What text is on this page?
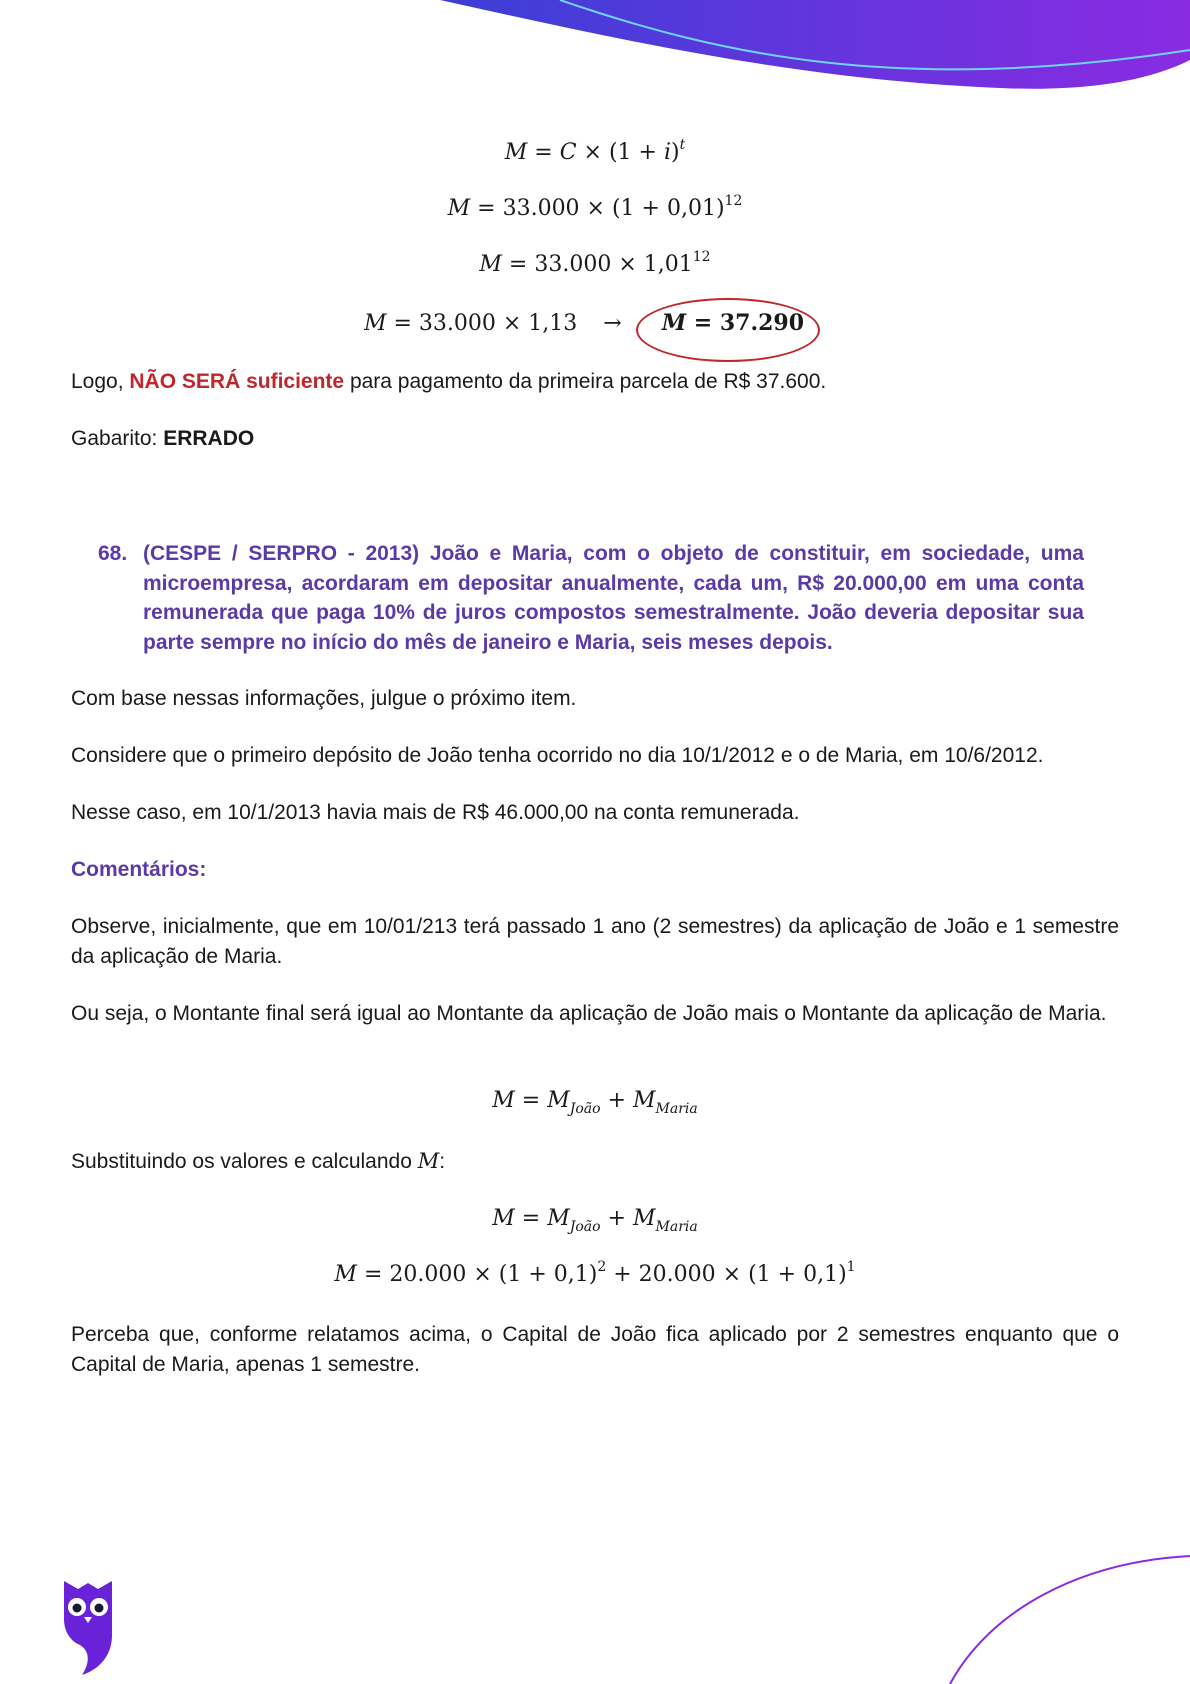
$M = C \times (1 + i)^t$
$M = 33.000 \times (1 + 0,01)^{12}$
$M = 33.000 \times 1,01^{12}$
M = 33.000 × 1,13 → M = 37.290
Logo, NÃO SERÁ suficiente para pagamento da primeira parcela de R$ 37.600.
Gabarito: ERRADO
68. (CESPE / SERPRO - 2013) João e Maria, com o objeto de constituir, em sociedade, uma microempresa, acordaram em depositar anualmente, cada um, R$ 20.000,00 em uma conta remunerada que paga 10% de juros compostos semestralmente. João deveria depositar sua parte sempre no início do mês de janeiro e Maria, seis meses depois.
Com base nessas informações, julgue o próximo item.
Considere que o primeiro depósito de João tenha ocorrido no dia 10/1/2012 e o de Maria, em 10/6/2012.
Nesse caso, em 10/1/2013 havia mais de R$ 46.000,00 na conta remunerada.
Comentários:
Observe, inicialmente, que em 10/01/213 terá passado 1 ano (2 semestres) da aplicação de João e 1 semestre da aplicação de Maria.
Ou seja, o Montante final será igual ao Montante da aplicação de João mais o Montante da aplicação de Maria.
$M = M_{João} + M_{Maria}$
Substituindo os valores e calculando M:
$M = M_{João} + M_{Maria}$
$M = 20.000 \times (1 + 0,1)^2 + 20.000 \times (1 + 0,1)^1$
Perceba que, conforme relatamos acima, o Capital de João fica aplicado por 2 semestres enquanto que o Capital de Maria, apenas 1 semestre.
